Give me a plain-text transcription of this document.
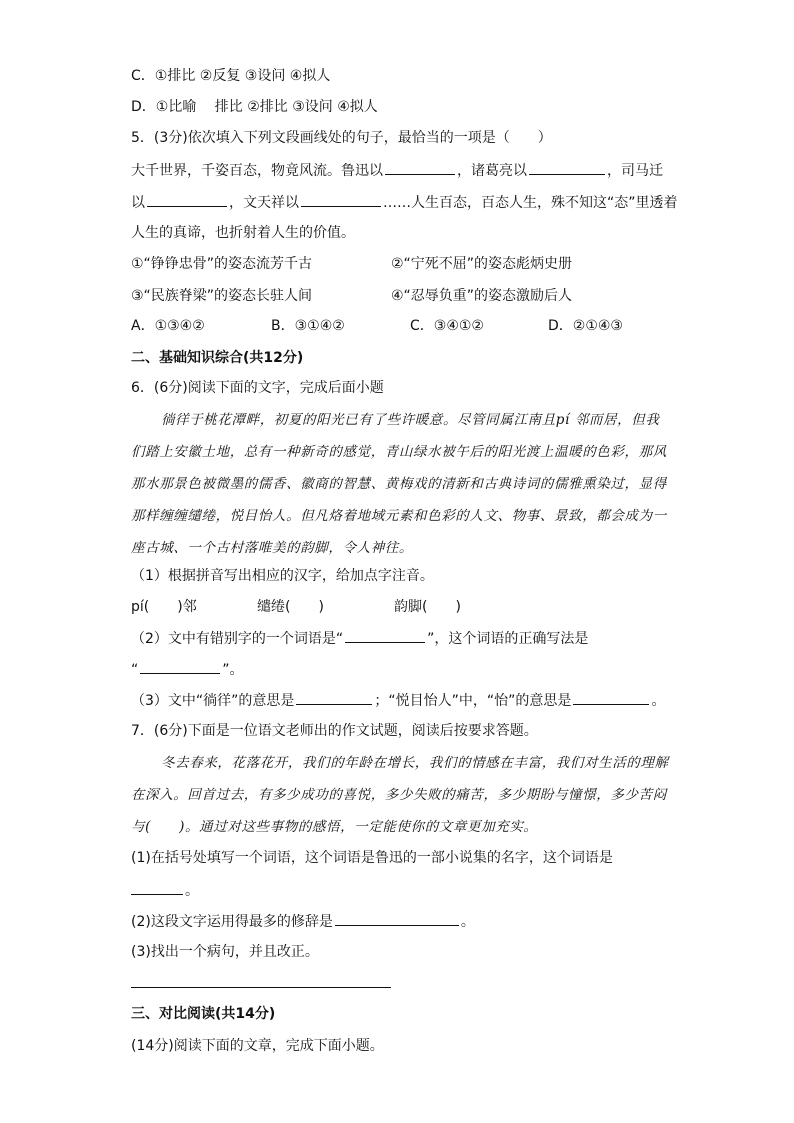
C．①排比 ②反复 ③设问 ④拟人
D．①比喻　 排比 ②排比 ③设问 ④拟人
5．(3分)依次填入下列文段画线处的句子，最恰当的一项是（　　）
大千世界，千姿百态，物竟风流。鲁迅以	，诸葛亮以	，司马迁
以	，文天祥以	……人生百态，百态人生，殊不知这“态”里透着
人生的真谛，也折射着人生的价值。
①“铮铮忠骨”的姿态流芳千古	②“宁死不屈”的姿态彪炳史册
③“民族脊梁”的姿态长驻人间	④“忍辱负重”的姿态激励后人
A．①③④②	B．③①④②	C．③④①②	D．②①④③
二、基础知识综合(共12分)
6．(6分)阅读下面的文字，完成后面小题
徜徉于桃花潭畔，初夏的阳光已有了些许暖意。尽管同属江南且pí 邻而居，但我
们踏上安徽土地，总有一种新奇的感觉，青山绿水被午后的阳光渡上温暖的色彩，那风
那水那景色被微墨的儒香、徽商的智慧、黄梅戏的清新和古典诗词的儒雅熏染过，显得
那样缠缠缱绻，悦目怡人。但凡烙着地域元素和色彩的人文、物事、景致，都会成为一
座古城、一个古村落唯美的韵脚，令人神往。
（1）根据拼音写出相应的汉字，给加点字注音。
pí(　　)邻	缱绻(　　)	韵脚(　　)
（2）文中有错别字的一个词语是“	”，这个词语的正确写法是
“	”。
（3）文中“徜徉”的意思是	；“悦目怡人”中，“怡”的意思是	。
7．(6分)下面是一位语文老师出的作文试题，阅读后按要求答题。
冬去春来，花落花开，我们的年龄在增长，我们的情感在丰富，我们对生活的理解
在深入。回首过去，有多少成功的喜悦，多少失败的痛苦，多少期盼与憧憬，多少苦闷
与(　　)。通过对这些事物的感悟，一定能使你的文章更加充实。
(1)在括号处填写一个词语，这个词语是鲁迅的一部小说集的名字，这个词语是
。
(2)这段文字运用得最多的修辞是	。
(3)找出一个病句，并且改正。
三、对比阅读(共14分)
(14分)阅读下面的文章，完成下面小题。
